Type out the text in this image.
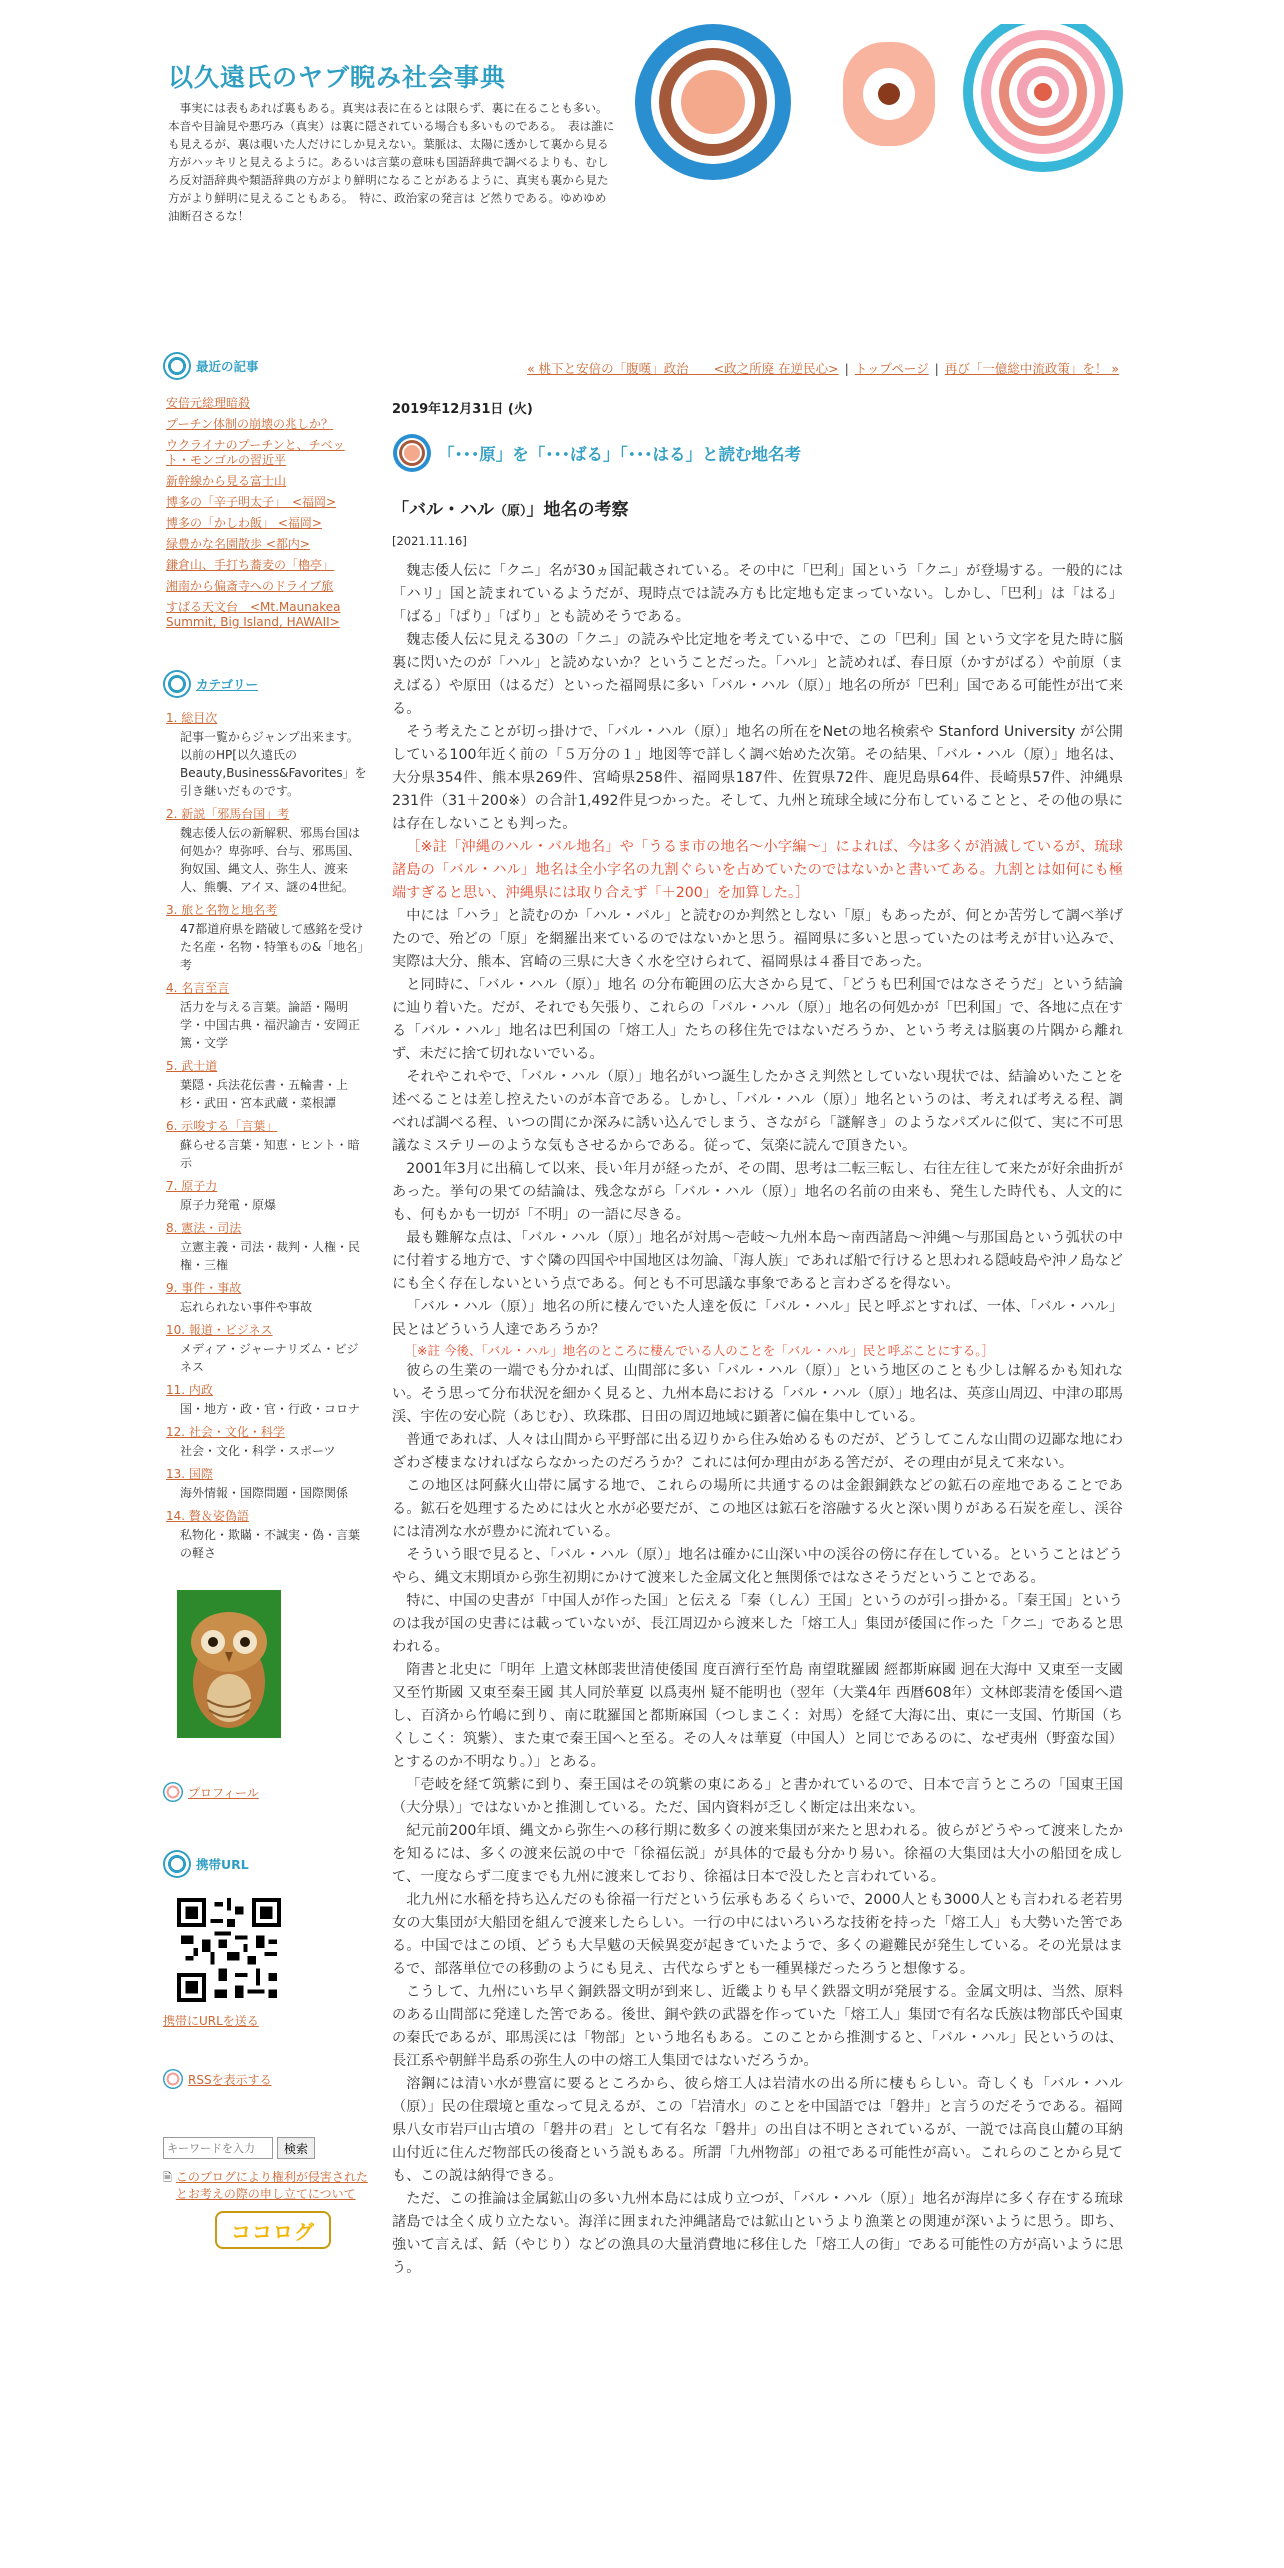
以久遠氏のヤブ睨み社会事典
　事実には表もあれば裏もある。真実は表に在るとは限らず、裏に在ることも多い。本音や目論見や悪巧み（真実）は裏に隠されている場合も多いものである。　表は誰にも見えるが、裏は覗いた人だけにしか見えない。葉脈は、太陽に透かして裏から見る方がハッキリと見えるように。あるいは言葉の意味も国語辞典で調べるよりも、むしろ反対語辞典や類語辞典の方がより鮮明になることがあるように、真実も裏から見た方がより鮮明に見えることもある。　特に、政治家の発言は ど然りである。ゆめゆめ油断召さるな！
« 桃下と安倍の「腹嘆」政治　　<政之所廃 在逆民心> | トップページ | 再び「一億総中流政策」を！ »
最近の記事
安倍元総理暗殺
プーチン体制の崩壊の兆しか？
ウクライナのプーチンと、チベット・モンゴルの習近平
新幹線から見る富士山
博多の「辛子明太子」　<福岡>
博多の「かしわ飯」 <福岡>
緑豊かな名園散歩 <都内>
鎌倉山、手打ち蕎麦の「櫓亭」
湘南から偏斎寺へのドライブ旅
すばる天文台　<Mt.Maunakea Summit, Big Island, HAWAII>
カテゴリー
1. 総目次
記事一覧からジャンプ出来ます。以前のHP[以久遠氏のBeauty,Business&Favorites」を引き継いだものです。
2. 新説「邪馬台国」考
魏志倭人伝の新解釈、邪馬台国は何処か？卑弥呼、台与、邪馬国、狗奴国、縄文人、弥生人、渡来人、熊襲、アイヌ、謎の4世紀。
3. 旅と名物と地名考
47都道府県を踏破して感銘を受けた名産・名物・特筆もの&「地名」考
4. 名言至言
活力を与える言葉。論語・陽明学・中国古典・福沢諭吉・安岡正篤・文学
5. 武士道
葉隠・兵法花伝書・五輪書・上杉・武田・宮本武蔵・菜根譚
6. 示唆する「言葉」
蘇らせる言葉・知恵・ヒント・暗示
7. 原子力
原子力発電・原爆
8. 憲法・司法
立憲主義・司法・裁判・人権・民権・三権
9. 事件・事故
忘れられない事件や事故
10. 報道・ビジネス
メディア・ジャーナリズム・ビジネス
11. 内政
国・地方・政・官・行政・コロナ
12. 社会・文化・科学
社会・文化・科学・スポーツ
13. 国際
海外情報・国際問題・国際関係
14. 贅＆姿偽語
私物化・欺瞞・不誠実・偽・言葉の軽さ
プロフィール
携帯URL
携帯にURLを送る
RSSを表示する
キーワードを入力
検索
🗎 このブログにより権利が侵害されたとお考えの際の申し立てについて
ココログ
2019年12月31日 (火)
「･･･原」を「･･･ばる」「･･･はる」と読む地名考
「バル・ハル（原）」地名の考察
[2021.11.16]

魏志倭人伝に「クニ」名が30ヵ国記載されている。その中に「巴利」国という「クニ」が登場する。一般的には「ハリ」国と読まれているようだが、現時点では読み方も比定地も定まっていない。しかし、「巴利」は「はる」「ばる」「ぱり」「ばり」とも読めそうである。

魏志倭人伝に見える30の「クニ」の読みや比定地を考えている中で、この「巴利」国 という文字を見た時に脳裏に閃いたのが「ハル」と読めないか？ということだった。「ハル」と読めれば、春日原（かすがばる）や前原（まえばる）や原田（はるだ）といった福岡県に多い「バル・ハル（原）」地名の所が「巴利」国である可能性が出て来る。

そう考えたことが切っ掛けで、「バル・ハル（原）」地名の所在をNetの地名検索や Stanford University が公開している100年近く前の「５万分の１」地図等で詳しく調べ始めた次第。その結果、「バル・ハル（原）」地名は、大分県354件、熊本県269件、宮崎県258件、福岡県187件、佐賀県72件、鹿児島県64件、長崎県57件、沖縄県231件（31＋200※）の合計1,492件見つかった。そして、九州と琉球全域に分布していることと、その他の県には存在しないことも判った。

［※註「沖縄のハル・バル地名」や「うるま市の地名～小字編～」によれば、今は多くが消滅しているが、琉球諸島の「バル・ハル」地名は全小字名の九割ぐらいを占めていたのではないかと書いてある。九割とは如何にも極端すぎると思い、沖縄県には取り合えず「＋200」を加算した。］

中には「ハラ」と読むのか「ハル・バル」と読むのか判然としない「原」もあったが、何とか苦労して調べ挙げたので、殆どの「原」を網羅出来ているのではないかと思う。福岡県に多いと思っていたのは考えが甘い込みで、実際は大分、熊本、宮崎の三県に大きく水を空けられて、福岡県は４番目であった。

と同時に、「バル・ハル（原）」地名 の分布範囲の広大さから見て、「どうも巴利国ではなさそうだ」という結論に辿り着いた。だが、それでも矢張り、これらの「バル・ハル（原）」地名の何処かが「巴利国」で、各地に点在する「バル・ハル」地名は巴利国の「熔工人」たちの移住先ではないだろうか、という考えは脳裏の片隅から離れず、未だに捨て切れないでいる。

それやこれやで、「バル・ハル（原）」地名がいつ誕生したかさえ判然としていない現状では、結論めいたことを述べることは差し控えたいのが本音である。しかし、「バル・ハル（原）」地名というのは、考えれば考える程、調べれば調べる程、いつの間にか深みに誘い込んでしまう、さながら「謎解き」のようなパズルに似て、実に不可思議なミステリーのような気もさせるからである。従って、気楽に読んで頂きたい。

2001年3月に出稿して以来、長い年月が経ったが、その間、思考は二転三転し、右往左往して来たが好余曲折があった。挙句の果ての結論は、残念ながら「バル・ハル（原）」地名の名前の由来も、発生した時代も、人文的にも、何もかも一切が「不明」の一語に尽きる。

最も難解な点は、「バル・ハル（原）」地名が対馬～壱岐～九州本島～南西諸島～沖縄～与那国島という弧状の中に付着する地方で、すぐ隣の四国や中国地区は勿論、「海人族」であれば船で行けると思われる隠岐島や沖ノ島などにも全く存在しないという点である。何とも不可思議な事象であると言わざるを得ない。

「バル・ハル（原）」地名の所に棲んでいた人達を仮に「バル・ハル」民と呼ぶとすれば、一体、「バル・ハル」民とはどういう人達であろうか？

［※註 今後、「バル・ハル」地名のところに棲んでいる人のことを「バル・ハル」民と呼ぶことにする。］

彼らの生業の一端でも分かれば、山間部に多い「バル・ハル（原）」という地区のことも少しは解るかも知れない。そう思って分布状況を細かく見ると、九州本島における「バル・ハル（原）」地名は、英彦山周辺、中津の耶馬渓、宇佐の安心院（あじむ）、玖珠郡、日田の周辺地域に顕著に偏在集中している。

普通であれば、人々は山間から平野部に出る辺りから住み始めるものだが、どうしてこんな山間の辺鄙な地にわざわざ棲まなければならなかったのだろうか？これには何か理由がある筈だが、その理由が見えて来ない。

この地区は阿蘇火山帯に属する地で、これらの場所に共通するのは金銀銅鉄などの鉱石の産地であることである。鉱石を処理するためには火と水が必要だが、この地区は鉱石を溶融する火と深い関りがある石炭を産し、渓谷には清冽な水が豊かに流れている。

そういう眼で見ると、「バル・ハル（原）」地名は確かに山深い中の渓谷の傍に存在している。ということはどうやら、縄文末期頃から弥生初期にかけて渡来した金属文化と無関係ではなさそうだということである。

特に、中国の史書が「中国人が作った国」と伝える「秦（しん）王国」というのが引っ掛かる。「秦王国」というのは我が国の史書には載っていないが、長江周辺から渡来した「熔工人」集団が倭国に作った「クニ」であると思われる。

隋書と北史に「明年 上遣文林郎裴世清使倭国 度百濟行至竹島 南望耽羅國 經都斯麻國 迥在大海中 又東至一支國 又至竹斯國 又東至秦王國 其人同於華夏 以爲夷州 疑不能明也（翌年（大業4年 西暦608年）文林郎裴清を倭国へ遣し、百済から竹嶋に到り、南に耽羅国と都斯麻国（つしまこく：対馬）を経て大海に出、東に一支国、竹斯国（ちくしこく：筑紫）、また東で秦王国へと至る。その人々は華夏（中国人）と同じであるのに、なぜ夷州（野蛮な国）とするのか不明なり。）」とある。

「壱岐を経て筑紫に到り、秦王国はその筑紫の東にある」と書かれているので、日本で言うところの「国東王国（大分県）」ではないかと推測している。ただ、国内資料が乏しく断定は出来ない。

紀元前200年頃、縄文から弥生への移行期に数多くの渡来集団が来たと思われる。彼らがどうやって渡来したかを知るには、多くの渡来伝説の中で「徐福伝説」が具体的で最も分かり易い。徐福の大集団は大小の船団を成して、一度ならず二度までも九州に渡来しており、徐福は日本で没したと言われている。

北九州に水稲を持ち込んだのも徐福一行だという伝承もあるくらいで、2000人とも3000人とも言われる老若男女の大集団が大船団を組んで渡来したらしい。一行の中にはいろいろな技術を持った「熔工人」も大勢いた筈である。中国ではこの頃、どうも大旱魃の天候異変が起きていたようで、多くの避難民が発生している。その光景はまるで、部落単位での移動のようにも見え、古代ならずとも一種異様だったろうと想像する。

こうして、九州にいち早く銅鉄器文明が到来し、近畿よりも早く鉄器文明が発展する。金属文明は、当然、原料のある山間部に発達した筈である。後世、銅や鉄の武器を作っていた「熔工人」集団で有名な氏族は物部氏や国東の秦氏であるが、耶馬渓には「物部」という地名もある。このことから推測すると、「バル・ハル」民というのは、長江系や朝鮮半島系の弥生人の中の熔工人集団ではないだろうか。

溶鋼には清い水が豊富に要るところから、彼ら熔工人は岩清水の出る所に棲もらしい。奇しくも「バル・ハル（原）」民の住環境と重なって見えるが、この「岩清水」のことを中国語では「磐井」と言うのだそうである。福岡県八女市岩戸山古墳の「磐井の君」として有名な「磐井」の出自は不明とされているが、一説では高良山麓の耳納山付近に住んだ物部氏の後裔という説もある。所謂「九州物部」の祖である可能性が高い。これらのことから見ても、この説は納得できる。

ただ、この推論は金属鉱山の多い九州本島には成り立つが、「バル・ハル（原）」地名が海岸に多く存在する琉球諸島では全く成り立たない。海洋に囲まれた沖縄諸島では鉱山というより漁業との関連が深いように思う。即ち、強いて言えば、銛（やじり）などの漁具の大量消費地に移住した「熔工人の街」である可能性の方が高いように思う。
